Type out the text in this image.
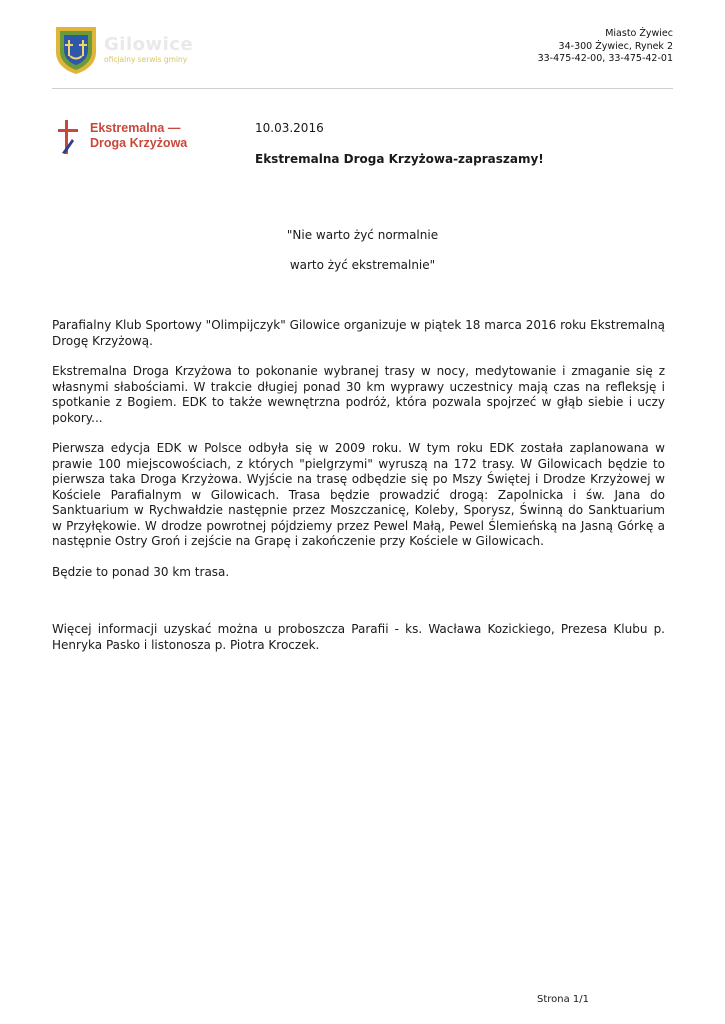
Gilowice
oficjalny serwis gminy
Miasto Żywiec
34-300 Żywiec, Rynek 2
33-475-42-00, 33-475-42-01
Ekstremalna —
Droga Krzyżowa
10.03.2016
Ekstremalna Droga Krzyżowa-zapraszamy!
"Nie warto żyć normalnie
warto żyć ekstremalnie"

Parafialny Klub Sportowy "Olimpijczyk" Gilowice organizuje w piątek 18 marca 2016 roku Ekstremalną Drogę Krzyżową.

Ekstremalna Droga Krzyżowa to pokonanie wybranej trasy w nocy, medytowanie i zmaganie się z własnymi słabościami. W trakcie długiej ponad 30 km wyprawy uczestnicy mają czas na refleksję i spotkanie z Bogiem. EDK to także wewnętrzna podróż, która pozwala spojrzeć w głąb siebie i uczy pokory...

Pierwsza edycja EDK w Polsce odbyła się w 2009 roku. W tym roku EDK została zaplanowana w prawie 100 miejscowościach, z których "pielgrzymi" wyruszą na 172 trasy. W Gilowicach będzie to pierwsza taka Droga Krzyżowa. Wyjście na trasę odbędzie się po Mszy Świętej i Drodze Krzyżowej w Kościele Parafialnym w Gilowicach. Trasa będzie prowadzić drogą: Zapolnicka i św. Jana do Sanktuarium w Rychwałdzie następnie przez Moszczanicę, Koleby, Sporysz, Świnną do Sanktuarium w Przyłękowie. W drodze powrotnej pójdziemy przez Pewel Małą, Pewel Ślemieńską na Jasną Górkę a następnie Ostry Groń i zejście na Grapę i zakończenie przy Kościele w Gilowicach.

Będzie to ponad 30 km trasa.

Więcej informacji uzyskać można u proboszcza Parafii - ks. Wacława Kozickiego, Prezesa Klubu p. Henryka Pasko i listonosza p. Piotra Kroczek.
Strona 1/1
